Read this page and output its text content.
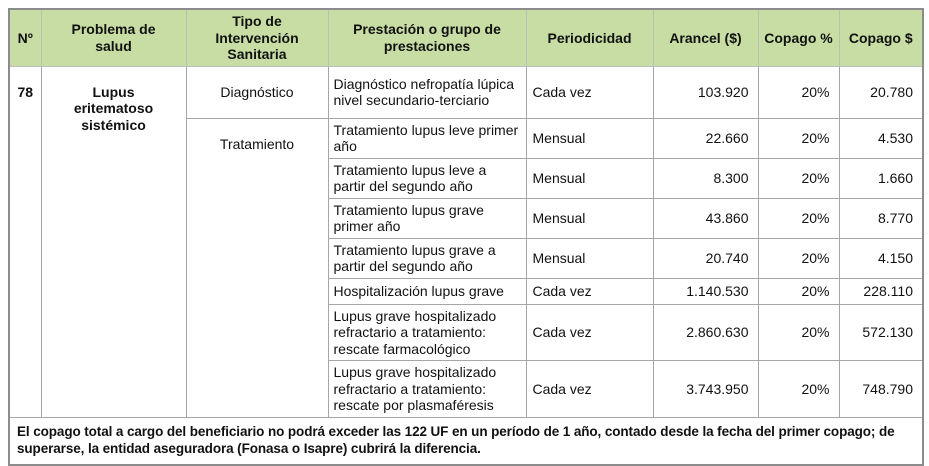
Nº	Problema de salud	Tipo de Intervención Sanitaria	Prestación o grupo de prestaciones	Periodicidad	Arancel ($)	Copago %	Copago $
78	Lupus eritematoso sistémico	Diagnóstico	Diagnóstico nefropatía lúpica nivel secundario-terciario	Cada vez	103.920	20%	20.780
		Tratamiento	Tratamiento lupus leve primer año	Mensual	22.660	20%	4.530
			Tratamiento lupus leve a partir del segundo año	Mensual	8.300	20%	1.660
			Tratamiento lupus grave primer año	Mensual	43.860	20%	8.770
			Tratamiento lupus grave a partir del segundo año	Mensual	20.740	20%	4.150
			Hospitalización lupus grave	Cada vez	1.140.530	20%	228.110
			Lupus grave hospitalizado refractario a tratamiento: rescate farmacológico	Cada vez	2.860.630	20%	572.130
			Lupus grave hospitalizado refractario a tratamiento: rescate por plasmaféresis	Cada vez	3.743.950	20%	748.790
El copago total a cargo del beneficiario no podrá exceder las 122 UF en un período de 1 año, contado desde la fecha del primer copago; de superarse, la entidad aseguradora (Fonasa o Isapre) cubrirá la diferencia.							
